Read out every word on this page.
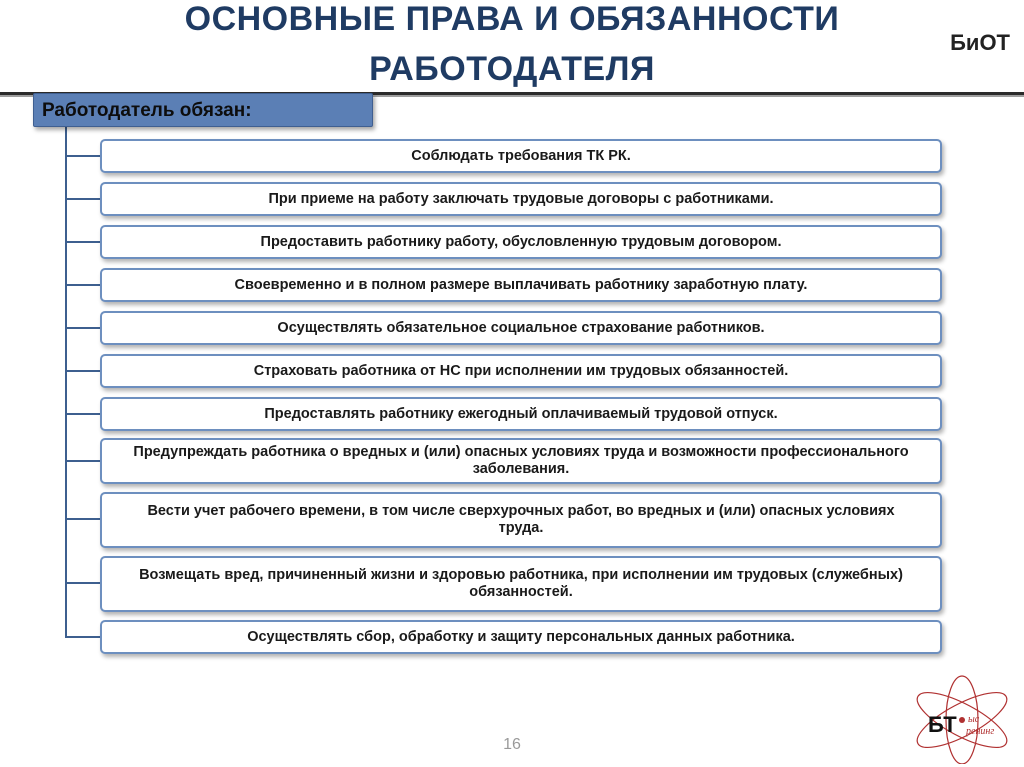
ОСНОВНЫЕ ПРАВА И ОБЯЗАННОСТИ
РАБОТОДАТЕЛЯ
БиОТ
Работодатель обязан:
Соблюдать требования ТК РК.
При приеме на работу заключать трудовые договоры с работниками.
Предоставить работнику работу, обусловленную трудовым договором.
Своевременно и в полном размере выплачивать работнику заработную плату.
Осуществлять обязательное социальное страхование работников.
Страховать работника от НС при исполнении им трудовых обязанностей.
Предоставлять работнику ежегодный оплачиваемый трудовой отпуск.
Предупреждать работника о вредных и (или) опасных условиях труда и возможности профессионального заболевания.
Вести учет рабочего времени, в том числе сверхурочных работ, во вредных и (или) опасных условиях труда.
Возмещать вред, причиненный жизни и здоровью работника, при исполнении им трудовых (служебных) обязанностей.
Осуществлять сбор, обработку и защиту персональных данных работника.
16
БТ ыс
ренинг
